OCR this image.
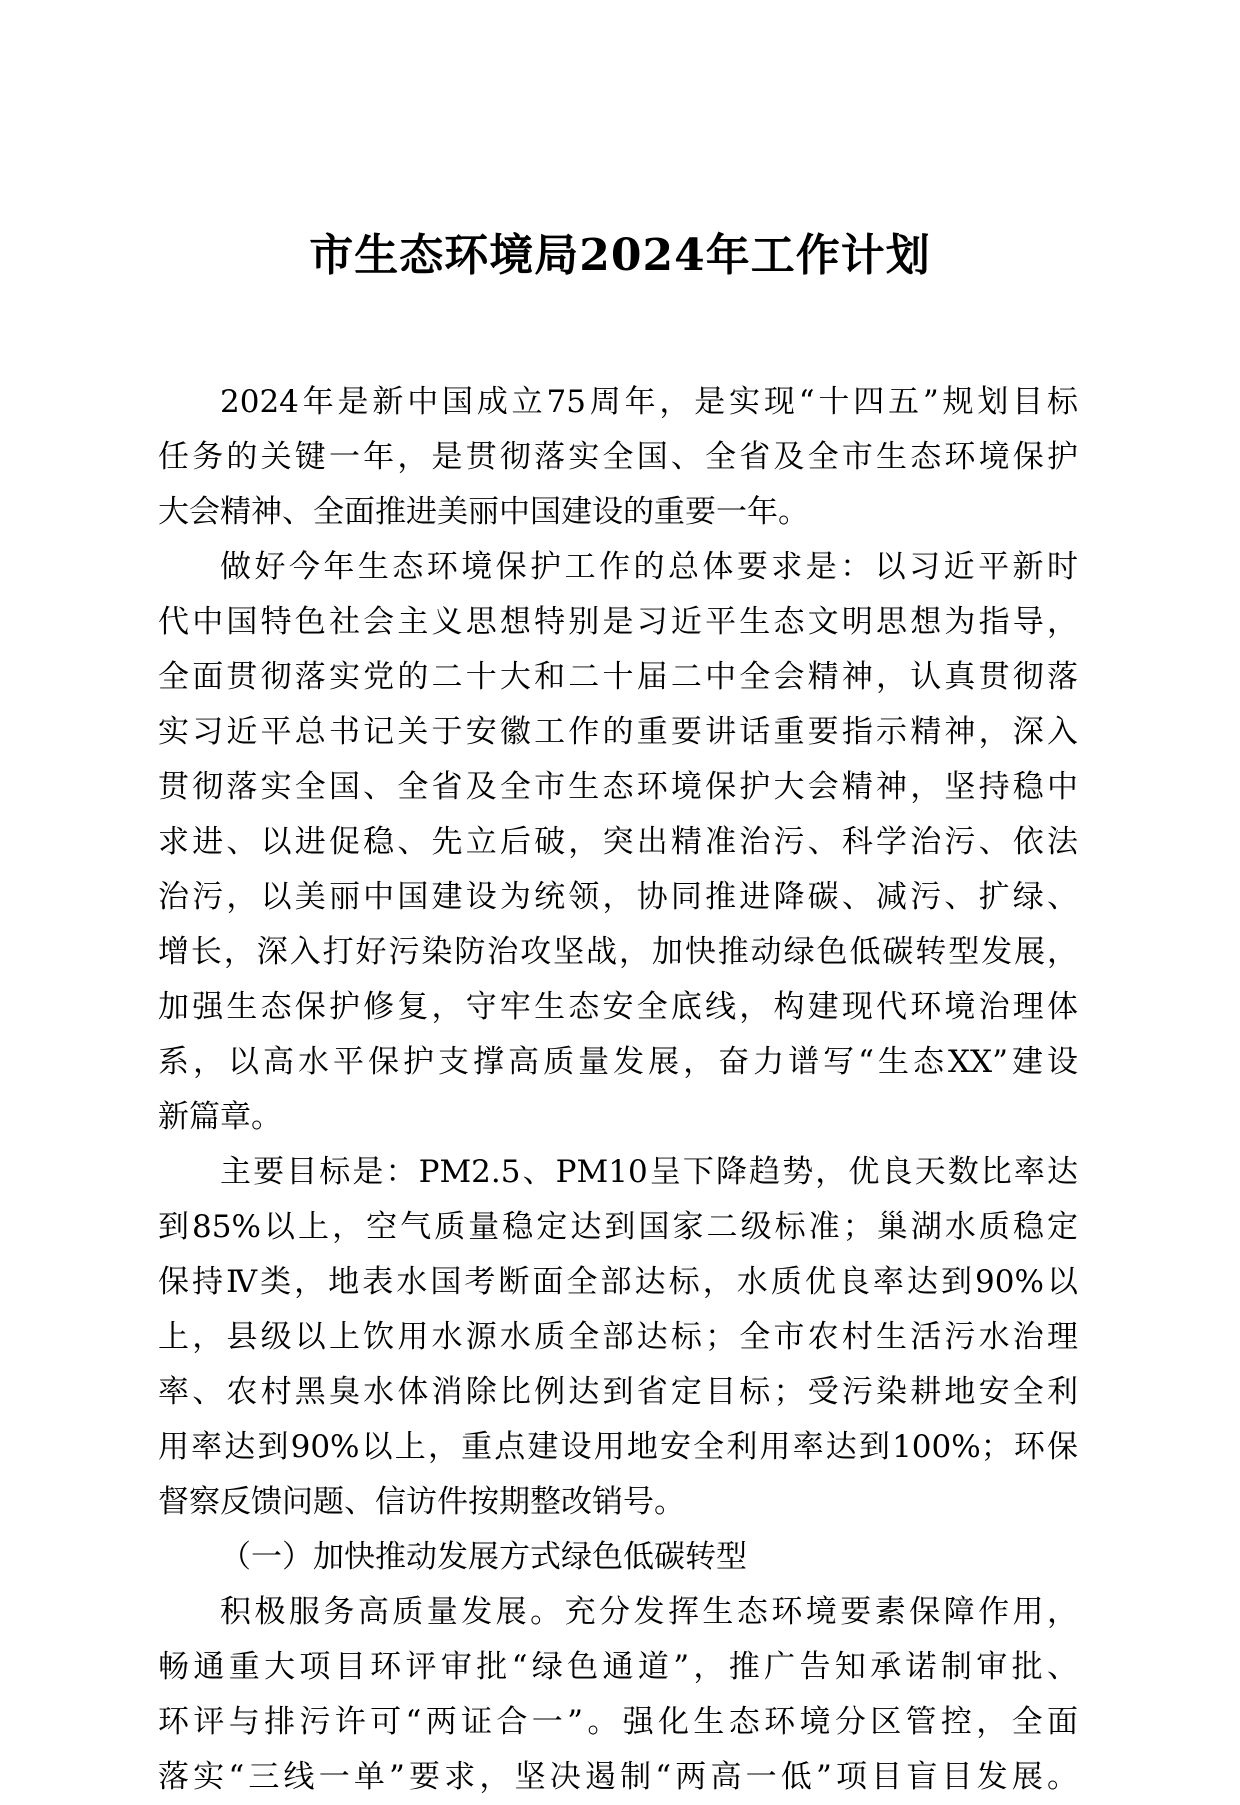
市生态环境局2024年工作计划
2024年是新中国成立75周年，是实现“十四五”规划目标
任务的关键一年，是贯彻落实全国、全省及全市生态环境保护
大会精神、全面推进美丽中国建设的重要一年。
做好今年生态环境保护工作的总体要求是：以习近平新时
代中国特色社会主义思想特别是习近平生态文明思想为指导，
全面贯彻落实党的二十大和二十届二中全会精神，认真贯彻落
实习近平总书记关于安徽工作的重要讲话重要指示精神，深入
贯彻落实全国、全省及全市生态环境保护大会精神，坚持稳中
求进、以进促稳、先立后破，突出精准治污、科学治污、依法
治污，以美丽中国建设为统领，协同推进降碳、减污、扩绿、
增长，深入打好污染防治攻坚战，加快推动绿色低碳转型发展，
加强生态保护修复，守牢生态安全底线，构建现代环境治理体
系，以高水平保护支撑高质量发展，奋力谱写“生态XX”建设
新篇章。
主要目标是：PM2.5、PM10呈下降趋势，优良天数比率达
到85%以上，空气质量稳定达到国家二级标准；巢湖水质稳定
保持Ⅳ类，地表水国考断面全部达标，水质优良率达到90%以
上，县级以上饮用水源水质全部达标；全市农村生活污水治理
率、农村黑臭水体消除比例达到省定目标；受污染耕地安全利
用率达到90%以上，重点建设用地安全利用率达到100%；环保
督察反馈问题、信访件按期整改销号。
（一）加快推动发展方式绿色低碳转型
积极服务高质量发展。充分发挥生态环境要素保障作用，
畅通重大项目环评审批“绿色通道”，推广告知承诺制审批、
环评与排污许可“两证合一”。强化生态环境分区管控，全面
落实“三线一单”要求，坚决遏制“两高一低”项目盲目发展。
